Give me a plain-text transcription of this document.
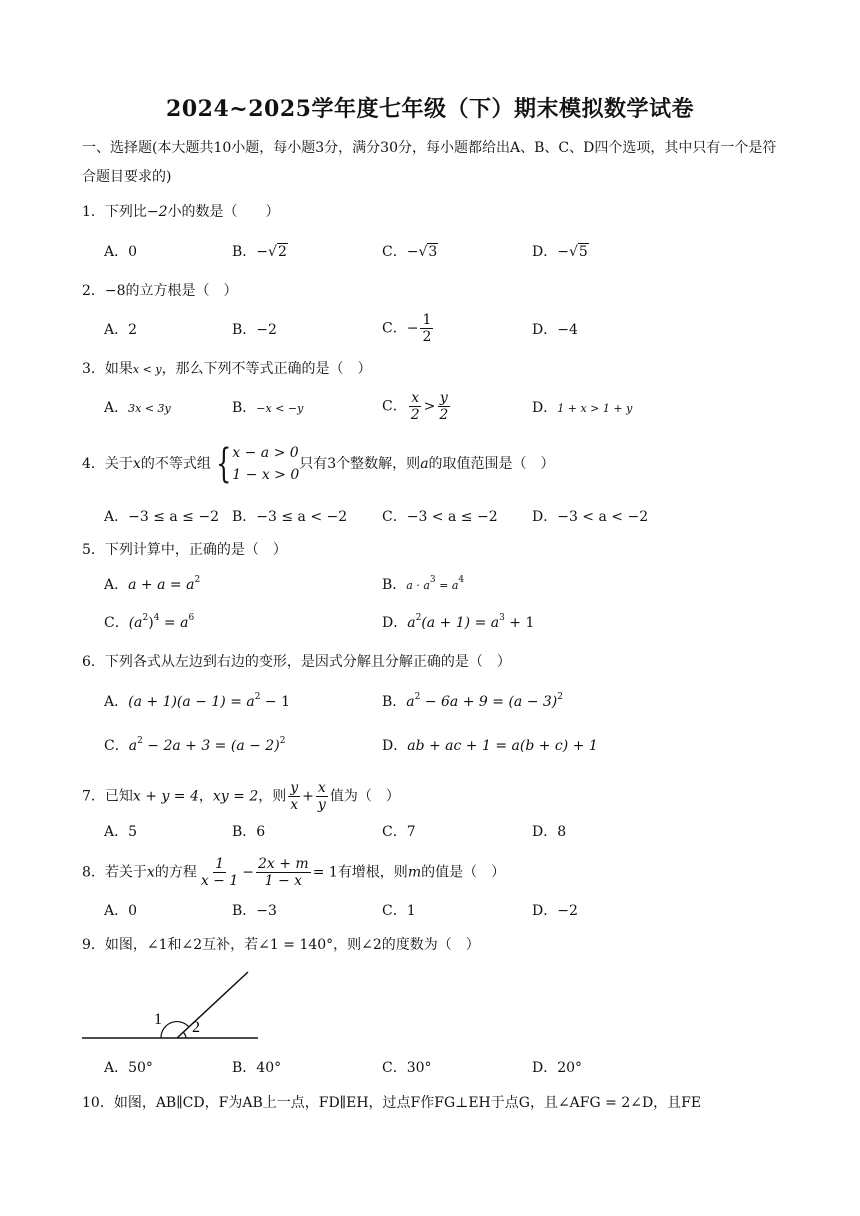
2024~2025学年度七年级（下）期末模拟数学试卷
一、选择题(本大题共10小题，每小题3分，满分30分，每小题都给出A、B、C、D四个选项，其中只有一个是符合题目要求的)
1．下列比−2小的数是（　　）
A．0	B．−√2	C．−√3	D．−√5
2．−8的立方根是（　）
A．2	B．−2	C．− $\frac{1}{2}$	D．−4
3．如果x < y，那么下列不等式正确的是（　）
A．3x < 3y	B．−x < −y	C． $\frac{x}{2} > \frac{y}{2}$	D．1 + x > 1 + y
4．关于x的不等式组 { x − a > 0
1 − x > 0
只有3个整数解，则a的取值范围是（　）
A．−3 ≤ a ≤ −2 B．−3 ≤ a < −2 C．−3 < a ≤ −2 D．−3 < a < −2
5．下列计算中，正确的是（　）
A．$a + a = a^2$	B．$a \cdot a^3 = a^4$
C．$(a^2)^4 = a^6$	D．$a^2(a + 1) = a^3 + 1$
6．下列各式从左边到右边的变形，是因式分解且分解正确的是（　）
A．$(a + 1)(a - 1) = a^2 - 1$	B．$a^2 - 6a + 9 = (a - 3)^2$
C．$a^2 - 2a + 3 = (a - 2)^2$	D．ab + ac + 1 = a(b + c) + 1
7．已知x + y = 4，xy = 2，则 $\frac{y}{x} + \frac{x}{y}$ 值为（　）
A．5	B．6	C．7	D．8
8．若关于x的方程 $\frac{1}{x - 1} - \frac{2x + m}{1 - x} = 1$有增根，则m的值是（　）
A．0	B．−3	C．1	D．−2
9．如图，∠1和∠2互补，若∠1 = 140°，则∠2的度数为（　）
1 2
A．50°	B．40°	C．30°	D．20°
10．如图，AB∥CD，F为AB上一点，FD∥EH，过点F作FG⊥EH于点G，且∠AFG = 2∠D，且FE
